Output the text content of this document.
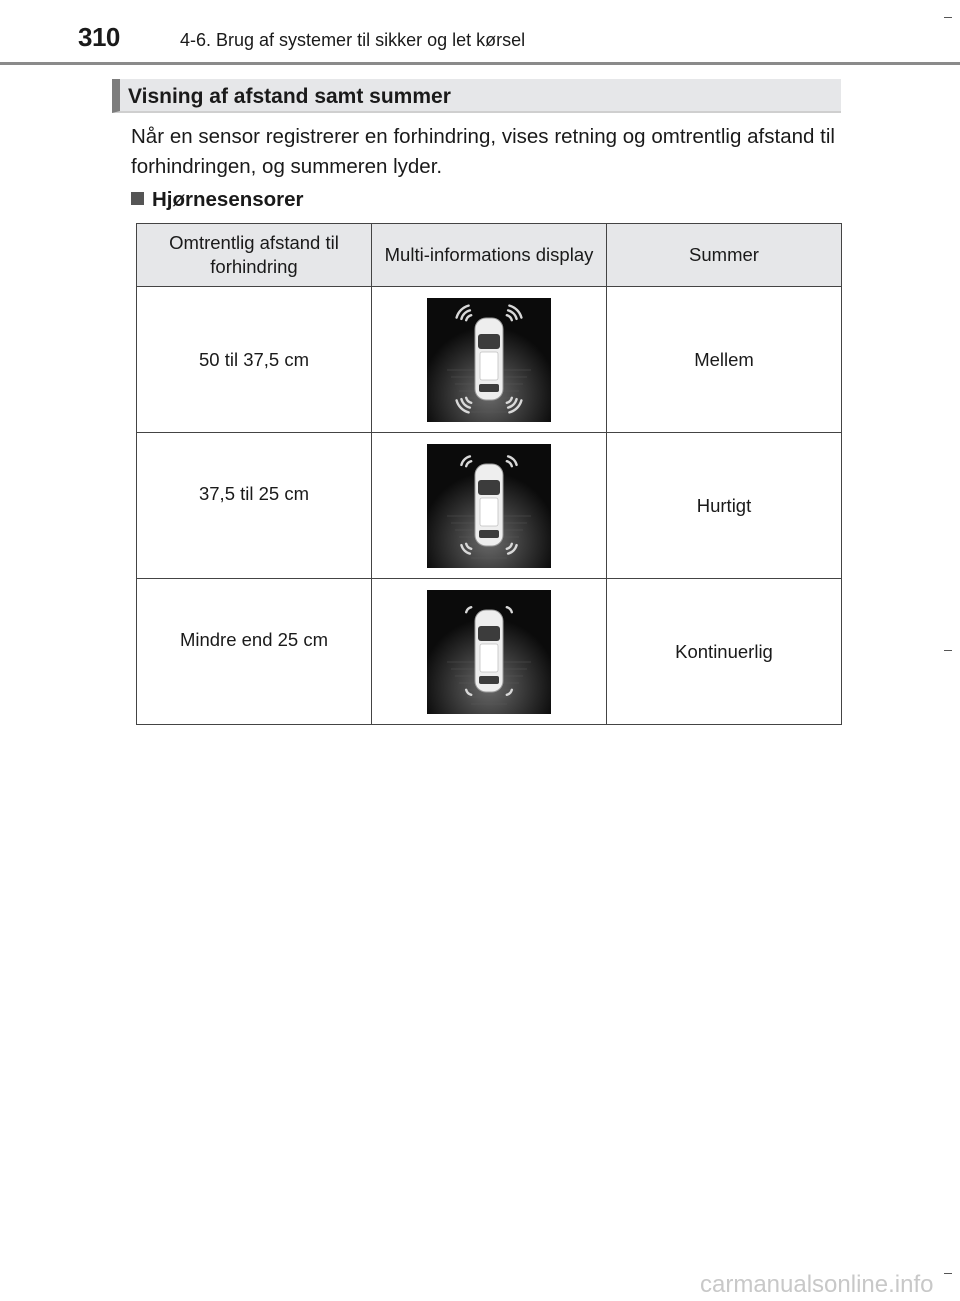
310	4-6. Brug af systemer til sikker og let kørsel
Visning af afstand samt summer
Når en sensor registrerer en forhindring, vises retning og omtrentlig afstand til forhindringen, og summeren lyder.
Hjørnesensorer
Omtrentlig afstand til forhindring	Multi-informations display	Summer

50 til 37,5 cm		Mellem

37,5 til 25 cm		Hurtigt

Mindre end 25 cm		Kontinuerlig
carmanualsonline.info
